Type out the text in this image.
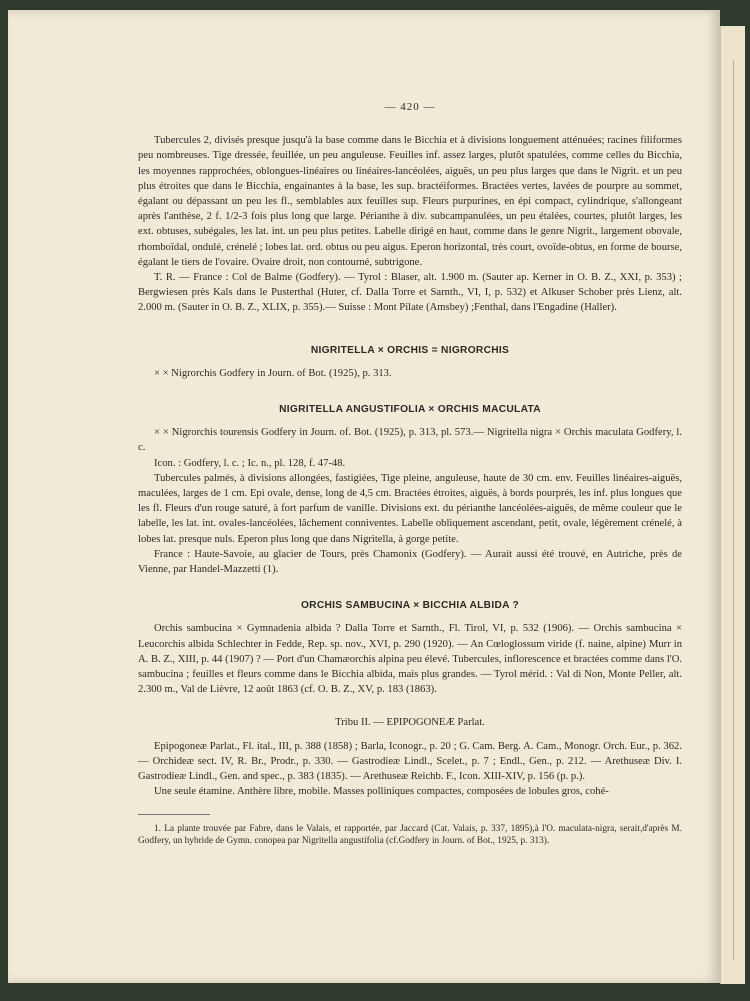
— 420 —

Tubercules 2, divisés presque jusqu'à la base comme dans le Bicchia et à divisions longuement atténuées; racines filiformes peu nombreuses. Tige dressée, feuillée, un peu anguleuse. Feuilles inf. assez larges, plutôt spatulées, comme celles du Bicchia, les moyennes rapprochées, oblongues-linéaires ou linéaires-lancéolées, aiguës, un peu plus larges que dans le Nigrit. et un peu plus étroites que dans le Bicchia, engainantes à la base, les sup. bractéiformes. Bractées vertes, lavées de pourpre au sommet, égalant ou dépassant un peu les fl., semblables aux feuilles sup. Fleurs purpurines, en épi compact, cylindrique, s'allongeant après l'anthèse, 2 f. 1/2-3 fois plus long que large. Périanthe à div. subcampanulées, un peu étalées, courtes, plutôt larges, les ext. obtuses, subégales, les lat. int. un peu plus petites. Labelle dirigé en haut, comme dans le genre Nigrit., largement obovale, rhomboïdal, ondulé, crénelé ; lobes lat. ord. obtus ou peu aigus. Eperon horizontal, très court, ovoïde-obtus, en forme de bourse, égalant le tiers de l'ovaire. Ovaire droit, non contourné, subtrigone.

T. R. — France : Col de Balme (Godfery). — Tyrol : Blaser, alt. 1.900 m. (Sauter ap. Kerner in O. B. Z., XXI, p. 353) ; Bergwiesen près Kals dans le Pusterthal (Huter, cf. Dalla Torre et Sarnth., VI, I, p. 532) et Alkuser Schober près Lienz, alt. 2.000 m. (Sauter in O. B. Z., XLIX, p. 355).— Suisse : Mont Pilate (Amsbey) ;Fenthal, dans l'Engadine (Haller).

NIGRITELLA × ORCHIS = NIGRORCHIS

× × Nigrorchis Godfery in Journ. of Bot. (1925), p. 313.

NIGRITELLA ANGUSTIFOLIA × ORCHIS MACULATA

× × Nigrorchis tourensis Godfery in Journ. of. Bot. (1925), p. 313, pl. 573.— Nigritella nigra × Orchis maculata Godfery, l. c.

Icon. : Godfery, l. c. ; Ic. n., pl. 128, f. 47-48.

Tubercules palmés, à divisions allongées, fastigiées, Tige pleine, anguleuse, haute de 30 cm. env. Feuilles linéaires-aiguës, maculées, larges de 1 cm. Epi ovale, dense, long de 4,5 cm. Bractées étroites, aiguës, à bords pourprés, les inf. plus longues que les fl. Fleurs d'un rouge saturé, à fort parfum de vanille. Divisions ext. du périanthe lancéolées-aiguës, de même couleur que le labelle, les lat. int. ovales-lancéolées, lâchement conniventes. Labelle obliquement ascendant, petit, ovale, légèrement crénelé, à lobes lat. presque nuls. Eperon plus long que dans Nigritella, à gorge petite.

France : Haute-Savoie, au glacier de Tours, près Chamonix (Godfery). — Aurait aussi été trouvé, en Autriche, près de Vienne, par Handel-Mazzetti (1).

ORCHIS SAMBUCINA × BICCHIA ALBIDA ?

Orchis sambucina × Gymnadenia albida ? Dalla Torre et Sarnth., Fl. Tirol, VI, p. 532 (1906). — Orchis sambucina × Leucorchis albida Schlechter in Fedde, Rep. sp. nov., XVI, p. 290 (1920). — An Cœloglossum viride (f. naine, alpine) Murr in A. B. Z., XIII, p. 44 (1907) ? — Port d'un Chamæorchis alpina peu élevé. Tubercules, inflorescence et bractées comme dans l'O. sambucina ; feuilles et fleurs comme dans le Bicchia albida, mais plus grandes. — Tyrol mérid. : Val di Non, Monte Peller, alt. 2.300 m., Val de Lièvre, 12 août 1863 (cf. O. B. Z., XV, p. 183 (1863).

Tribu II. — EPIPOGONEÆ Parlat.

Epipogoneæ Parlat., Fl. ital., III, p. 388 (1858) ; Barla, Iconogr., p. 20 ; G. Cam. Berg. A. Cam., Monogr. Orch. Eur., p. 362. — Orchideæ sect. IV, R. Br., Prodr., p. 330. — Gastrodieæ Lindl., Scelet., p. 7 ; Endl., Gen., p. 212. — Arethuseæ Div. I. Gastrodieæ Lindl., Gen. and spec., p. 383 (1835). — Arethuseæ Reichb. F., Icon. XIII-XIV, p. 156 (p. p.).

Une seule étamine. Anthère libre, mobile. Masses polliniques compactes, composées de lobules gros, cohé-

1. La plante trouvée par Fabre, dans le Valais, et rapportée, par Jaccard (Cat. Valais, p. 337, 1895),à l'O. maculata-nigra, serait,d'après M. Godfery, un hybride de Gymn. conopea par Nigritella angustifolia (cf.Godfery in Journ. of Bot., 1925, p. 313).
